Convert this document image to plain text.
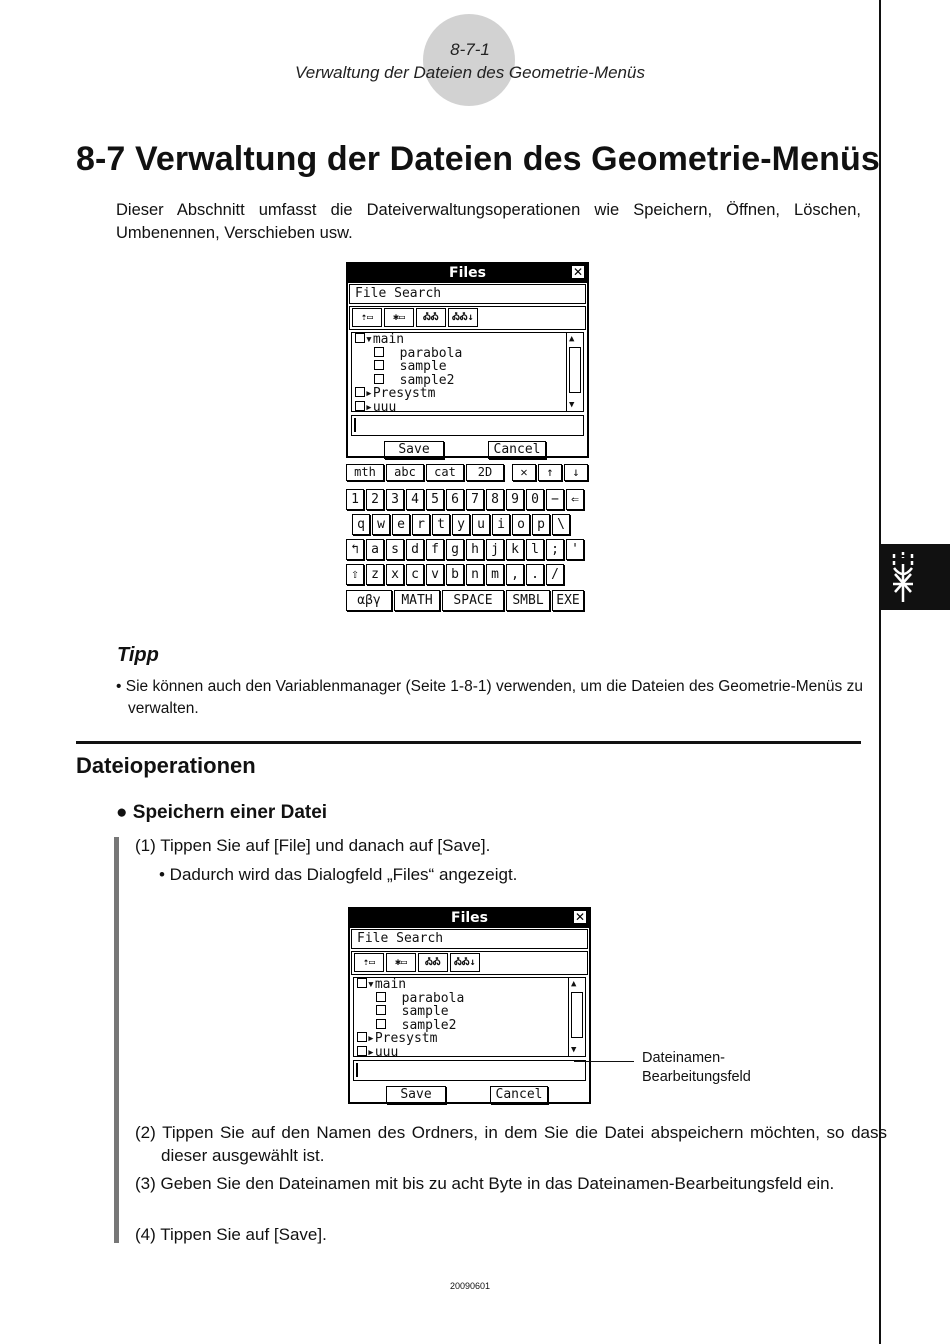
8-7-1
Verwaltung der Dateien des Geometrie-Menüs
8-7 Verwaltung der Dateien des Geometrie-Menüs
Dieser Abschnitt umfasst die Dateiverwaltungsoperationen wie Speichern, Öffnen, Löschen, Umbenennen, Verschieben usw.
Files	✕
File Search
⇡▭	✱▭	ᎣᎣ	ᎣᎣ↓
▾main
parabola
sample
sample2
▸Presystm
▸uuu
▲
▼
Save	Cancel
mth	abc	cat	2D	✕	↑	↓
1 2 3 4 5 6 7 8 9 0 − ⇐
q w e r t y u i o p \
↰ a s d f g h j k l ; '
⇧ z x c v b n m , . /
αβγ	MATH	SPACE	SMBL EXE
Tipp
• Sie können auch den Variablenmanager (Seite 1-8-1) verwenden, um die Dateien des Geometrie-Menüs zu verwalten.
Dateioperationen
● Speichern einer Datei
(1) Tippen Sie auf [File] und danach auf [Save].
• Dadurch wird das Dialogfeld „Files“ angezeigt.
Files	✕
File Search
⇡▭	✱▭	ᎣᎣ	ᎣᎣ↓
▾main
parabola
sample
sample2
▸Presystm
▸uuu
▲
▼
Save	Cancel
Dateinamen-
Bearbeitungsfeld
(2) Tippen Sie auf den Namen des Ordners, in dem Sie die Datei abspeichern möchten, so dass dieser ausgewählt ist.
(3) Geben Sie den Dateinamen mit bis zu acht Byte in das Dateinamen-Bearbeitungsfeld ein.
(4) Tippen Sie auf [Save].
20090601
